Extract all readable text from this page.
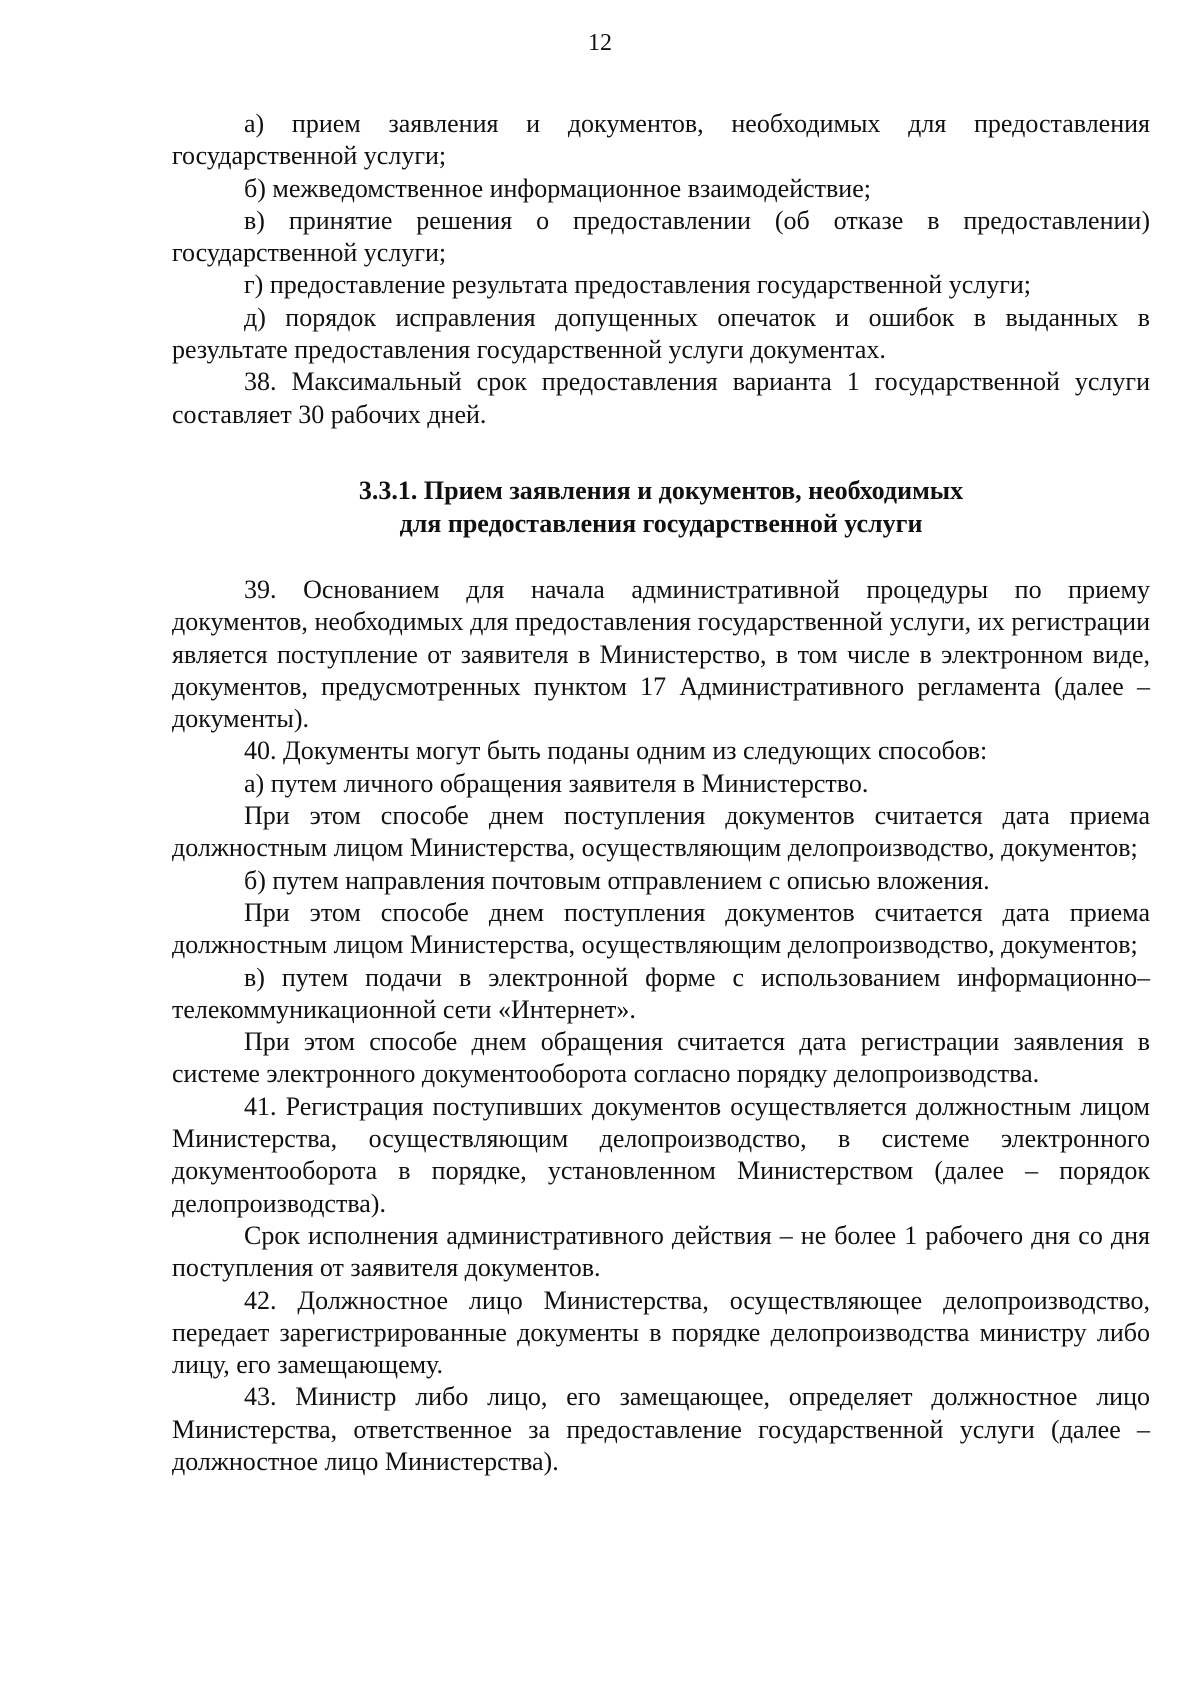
12

а) прием заявления и документов, необходимых для предоставления государственной услуги;

б) межведомственное информационное взаимодействие;

в) принятие решения о предоставлении (об отказе в предоставлении) государственной услуги;

г) предоставление результата предоставления государственной услуги;

д) порядок исправления допущенных опечаток и ошибок в выданных в результате предоставления государственной услуги документах.

38. Максимальный срок предоставления варианта 1 государственной услуги составляет 30 рабочих дней.

3.3.1. Прием заявления и документов, необходимых
для предоставления государственной услуги

39. Основанием для начала административной процедуры по приему документов, необходимых для предоставления государственной услуги, их регистрации является поступление от заявителя в Министерство, в том числе в электронном виде, документов, предусмотренных пунктом 17 Административного регламента (далее – документы).

40. Документы могут быть поданы одним из следующих способов:

а) путем личного обращения заявителя в Министерство.

При этом способе днем поступления документов считается дата приема должностным лицом Министерства, осуществляющим делопроизводство, документов;

б) путем направления почтовым отправлением с описью вложения.

При этом способе днем поступления документов считается дата приема должностным лицом Министерства, осуществляющим делопроизводство, документов;

в) путем подачи в электронной форме с использованием информационно–телекоммуникационной сети «Интернет».

При этом способе днем обращения считается дата регистрации заявления в системе электронного документооборота согласно порядку делопроизводства.

41. Регистрация поступивших документов осуществляется должностным лицом Министерства, осуществляющим делопроизводство, в системе электронного документооборота в порядке, установленном Министерством (далее – порядок делопроизводства).

Срок исполнения административного действия – не более 1 рабочего дня со дня поступления от заявителя документов.

42. Должностное лицо Министерства, осуществляющее делопроизводство, передает зарегистрированные документы в порядке делопроизводства министру либо лицу, его замещающему.

43. Министр либо лицо, его замещающее, определяет должностное лицо Министерства, ответственное за предоставление государственной услуги (далее – должностное лицо Министерства).
